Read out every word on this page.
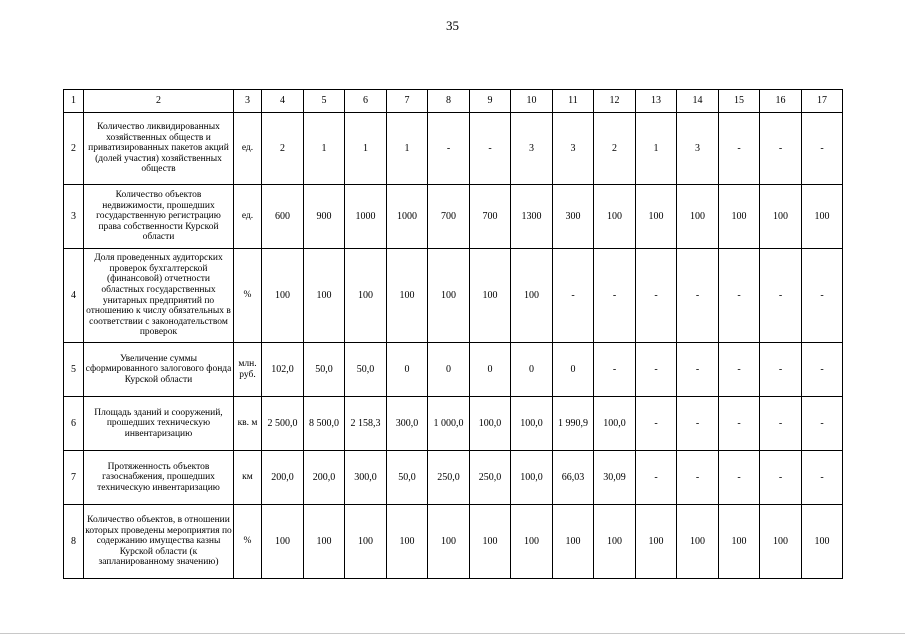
35
1	2	3	4	5	6	7	8	9	10	11	12	13	14	15	16	17
2	Количество ликвидированных хозяйственных обществ и приватизированных пакетов акций (долей участия) хозяйственных обществ	ед.	2	1	1	1	-	-	3	3	2	1	3	-	-	-
3	Количество объектов недвижимости, прошедших государственную регистрацию права собственности Курской области	ед.	600	900	1000	1000	700	700	1300	300	100	100	100	100	100	100
4	Доля проведенных аудиторских проверок бухгалтерской (финансовой) отчетности областных государственных унитарных предприятий по отношению к числу обязательных в соответствии с законодательством проверок	%	100	100	100	100	100	100	100	-	-	-	-	-	-	-
5	Увеличение суммы сформированного залогового фонда Курской области	млн. руб.	102,0	50,0	50,0	0	0	0	0	0	-	-	-	-	-	-
6	Площадь зданий и сооружений, прошедших техническую инвентаризацию	кв. м	2 500,0	8 500,0	2 158,3	300,0	1 000,0	100,0	100,0	1 990,9	100,0	-	-	-	-	-
7	Протяженность объектов газоснабжения, прошедших техническую инвентаризацию	км	200,0	200,0	300,0	50,0	250,0	250,0	100,0	66,03	30,09	-	-	-	-	-
8	Количество объектов, в отношении которых проведены мероприятия по содержанию имущества казны Курской области (к запланированному значению)	%	100	100	100	100	100	100	100	100	100	100	100	100	100	100
